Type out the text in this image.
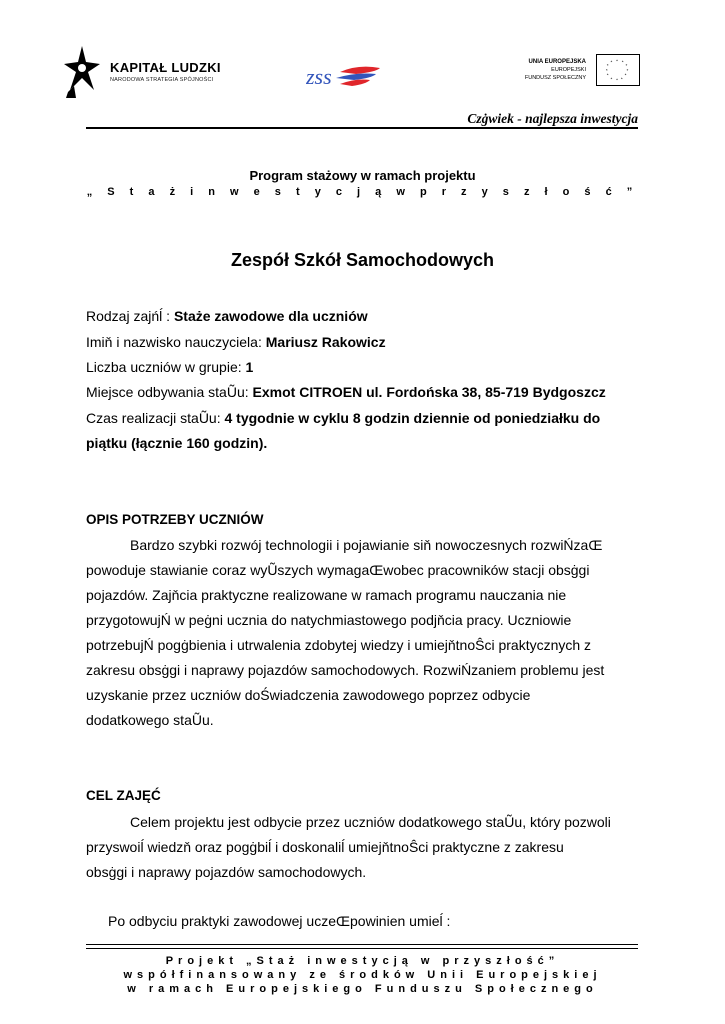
KAPITAŁ LUDZKI
NARODOWA STRATEGIA SPÓJNOŚCI	zss
UNIA EUROPEJSKA
EUROPEJSKI
FUNDUSZ SPOŁECZNY
* *
*
*
*
*
*
*
*
*
*
*
Czġwiek - najlepsza inwestycja
Program stażowy w ramach projektu
„ S t a ż i n w e s t y c j ą w p r z y s z ł o ś ć ”
Zespół Szkół Samochodowych
Rodzaj zajńĺ : Staże zawodowe dla uczniów
Imiň i nazwisko nauczyciela: Mariusz Rakowicz
Liczba uczniów w grupie: 1
Miejsce odbywania staŨu: Exmot CITROEN ul. Fordońska 38, 85-719 Bydgoszcz
Czas realizacji staŨu: 4 tygodnie w cyklu 8 godzin dziennie od poniedziałku do
piątku (łącznie 160 godzin).
OPIS POTRZEBY UCZNIÓW
Bardzo szybki rozwój technologii i pojawianie siň nowoczesnych rozwiŃzaŒ
powoduje stawianie coraz wyŨszych wymagaŒwobec pracowników stacji obsġgi
pojazdów. Zajňcia praktyczne realizowane w ramach programu nauczania nie
przygotowujŃ w peġni ucznia do natychmiastowego podjňcia pracy. Uczniowie
potrzebujŃ pogġbienia i utrwalenia zdobytej wiedzy i umiejňtnoŜci praktycznych z
zakresu obsġgi i naprawy pojazdów samochodowych. RozwiŃzaniem problemu jest
uzyskanie przez uczniów doŚwiadczenia zawodowego poprzez odbycie
dodatkowego staŨu.
CEL ZAJĘĆ
Celem projektu jest odbycie przez uczniów dodatkowego staŨu, który pozwoli
przyswoiĺ wiedzň oraz pogġbiĺ i doskonaliĺ umiejňtnoŜci praktyczne z zakresu
obsġgi i naprawy pojazdów samochodowych.
Po odbyciu praktyki zawodowej uczeŒpowinien umieĺ :
Projekt „Staż inwestycją w przyszłość”
współfinansowany ze środków Unii Europejskiej
w ramach Europejskiego Funduszu Społecznego
